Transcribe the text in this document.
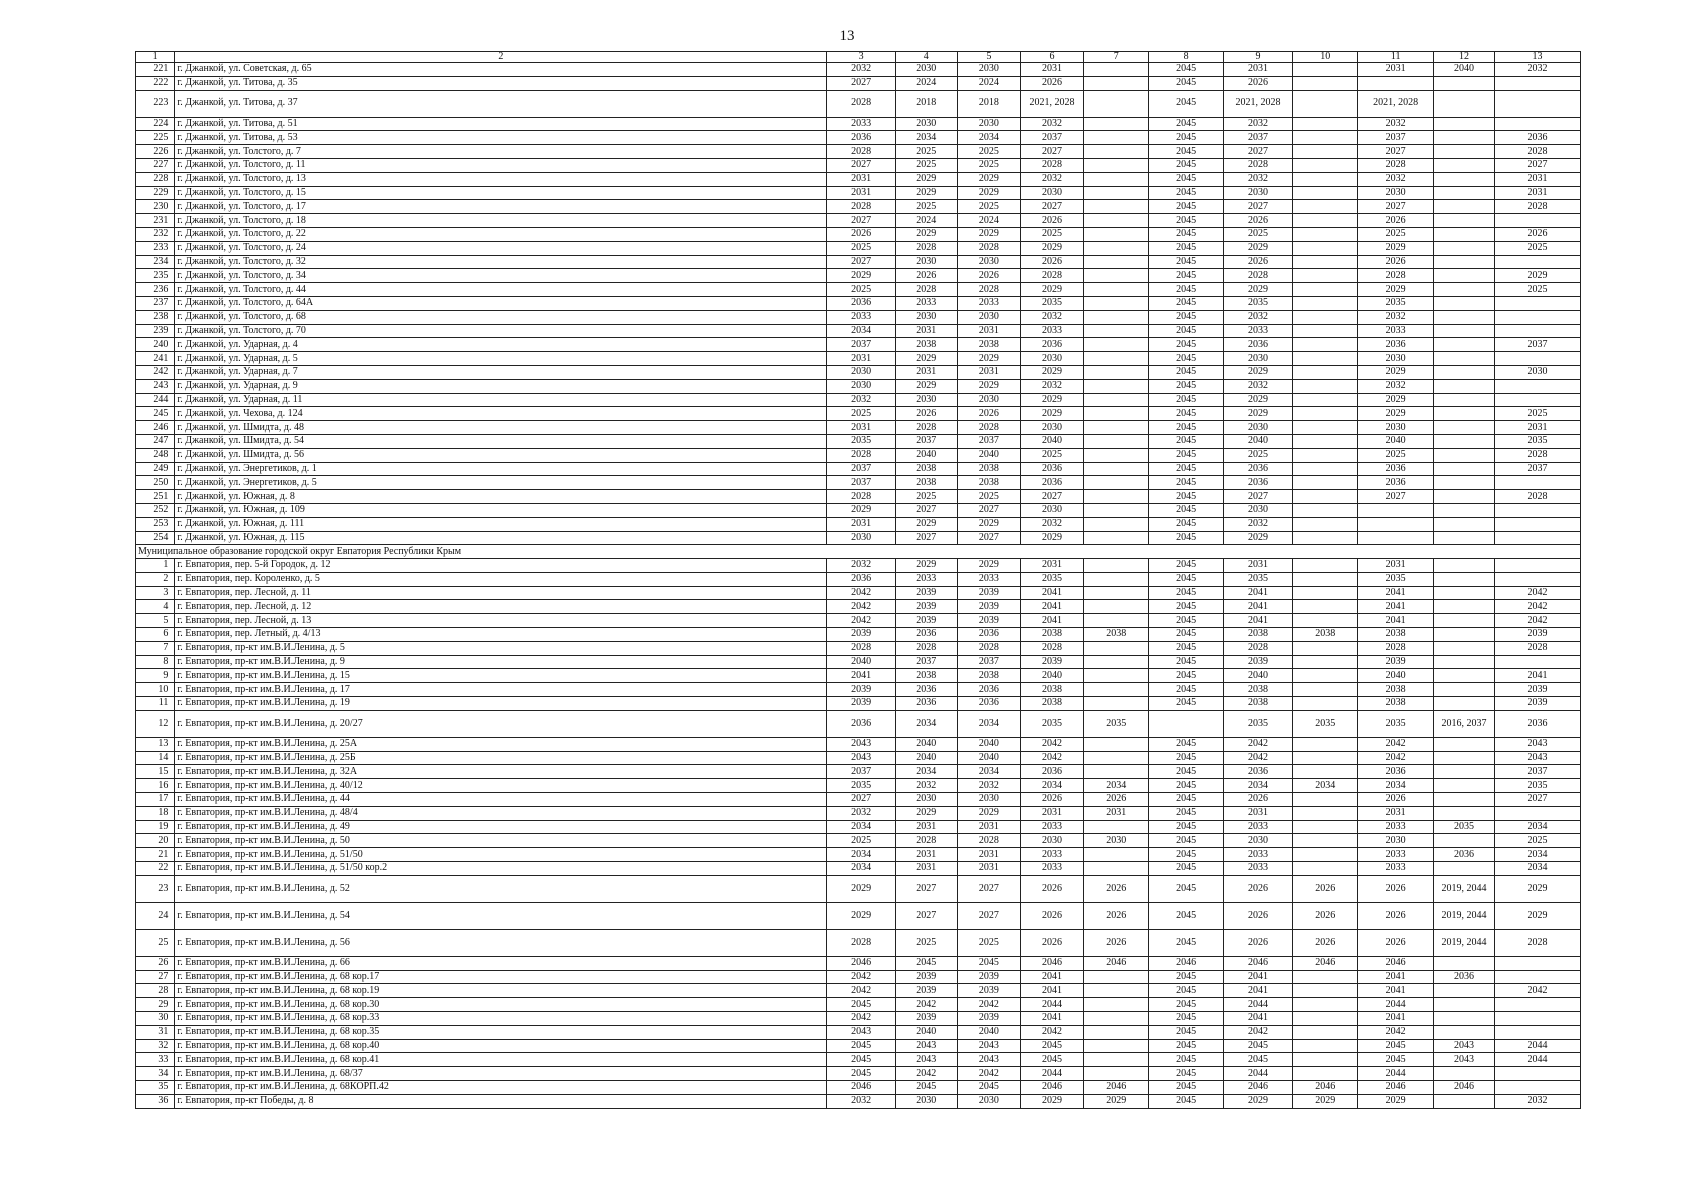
13
1	2	3	4	5	6	7	8	9	10	11	12	13
221	г. Джанкой, ул. Советская, д. 65	2032	2030	2030	2031		2045	2031		2031	2040	2032
222	г. Джанкой, ул. Титова, д. 35	2027	2024	2024	2026		2045	2026				
223	г. Джанкой, ул. Титова, д. 37	2028	2018	2018	2021, 2028		2045	2021, 2028		2021, 2028		
224	г. Джанкой, ул. Титова, д. 51	2033	2030	2030	2032		2045	2032		2032		
225	г. Джанкой, ул. Титова, д. 53	2036	2034	2034	2037		2045	2037		2037		2036
226	г. Джанкой, ул. Толстого, д. 7	2028	2025	2025	2027		2045	2027		2027		2028
227	г. Джанкой, ул. Толстого, д. 11	2027	2025	2025	2028		2045	2028		2028		2027
228	г. Джанкой, ул. Толстого, д. 13	2031	2029	2029	2032		2045	2032		2032		2031
229	г. Джанкой, ул. Толстого, д. 15	2031	2029	2029	2030		2045	2030		2030		2031
230	г. Джанкой, ул. Толстого, д. 17	2028	2025	2025	2027		2045	2027		2027		2028
231	г. Джанкой, ул. Толстого, д. 18	2027	2024	2024	2026		2045	2026		2026		
232	г. Джанкой, ул. Толстого, д. 22	2026	2029	2029	2025		2045	2025		2025		2026
233	г. Джанкой, ул. Толстого, д. 24	2025	2028	2028	2029		2045	2029		2029		2025
234	г. Джанкой, ул. Толстого, д. 32	2027	2030	2030	2026		2045	2026		2026		
235	г. Джанкой, ул. Толстого, д. 34	2029	2026	2026	2028		2045	2028		2028		2029
236	г. Джанкой, ул. Толстого, д. 44	2025	2028	2028	2029		2045	2029		2029		2025
237	г. Джанкой, ул. Толстого, д. 64А	2036	2033	2033	2035		2045	2035		2035		
238	г. Джанкой, ул. Толстого, д. 68	2033	2030	2030	2032		2045	2032		2032		
239	г. Джанкой, ул. Толстого, д. 70	2034	2031	2031	2033		2045	2033		2033		
240	г. Джанкой, ул. Ударная, д. 4	2037	2038	2038	2036		2045	2036		2036		2037
241	г. Джанкой, ул. Ударная, д. 5	2031	2029	2029	2030		2045	2030		2030		
242	г. Джанкой, ул. Ударная, д. 7	2030	2031	2031	2029		2045	2029		2029		2030
243	г. Джанкой, ул. Ударная, д. 9	2030	2029	2029	2032		2045	2032		2032		
244	г. Джанкой, ул. Ударная, д. 11	2032	2030	2030	2029		2045	2029		2029		
245	г. Джанкой, ул. Чехова, д. 124	2025	2026	2026	2029		2045	2029		2029		2025
246	г. Джанкой, ул. Шмидта, д. 48	2031	2028	2028	2030		2045	2030		2030		2031
247	г. Джанкой, ул. Шмидта, д. 54	2035	2037	2037	2040		2045	2040		2040		2035
248	г. Джанкой, ул. Шмидта, д. 56	2028	2040	2040	2025		2045	2025		2025		2028
249	г. Джанкой, ул. Энергетиков, д. 1	2037	2038	2038	2036		2045	2036		2036		2037
250	г. Джанкой, ул. Энергетиков, д. 5	2037	2038	2038	2036		2045	2036		2036		
251	г. Джанкой, ул. Южная, д. 8	2028	2025	2025	2027		2045	2027		2027		2028
252	г. Джанкой, ул. Южная, д. 109	2029	2027	2027	2030		2045	2030				
253	г. Джанкой, ул. Южная, д. 111	2031	2029	2029	2032		2045	2032				
254	г. Джанкой, ул. Южная, д. 115	2030	2027	2027	2029		2045	2029				
Муниципальное образование городской округ Евпатория Республики Крым												
1	г. Евпатория, пер. 5-й Городок, д. 12	2032	2029	2029	2031		2045	2031		2031		
2	г. Евпатория, пер. Короленко, д. 5	2036	2033	2033	2035		2045	2035		2035		
3	г. Евпатория, пер. Лесной, д. 11	2042	2039	2039	2041		2045	2041		2041		2042
4	г. Евпатория, пер. Лесной, д. 12	2042	2039	2039	2041		2045	2041		2041		2042
5	г. Евпатория, пер. Лесной, д. 13	2042	2039	2039	2041		2045	2041		2041		2042
6	г. Евпатория, пер. Летный, д. 4/13	2039	2036	2036	2038	2038	2045	2038	2038	2038		2039
7	г. Евпатория, пр-кт им.В.И.Ленина, д. 5	2028	2028	2028	2028		2045	2028		2028		2028
8	г. Евпатория, пр-кт им.В.И.Ленина, д. 9	2040	2037	2037	2039		2045	2039		2039		
9	г. Евпатория, пр-кт им.В.И.Ленина, д. 15	2041	2038	2038	2040		2045	2040		2040		2041
10	г. Евпатория, пр-кт им.В.И.Ленина, д. 17	2039	2036	2036	2038		2045	2038		2038		2039
11	г. Евпатория, пр-кт им.В.И.Ленина, д. 19	2039	2036	2036	2038		2045	2038		2038		2039
12	г. Евпатория, пр-кт им.В.И.Ленина, д. 20/27	2036	2034	2034	2035	2035		2035	2035	2035	2016, 2037	2036
13	г. Евпатория, пр-кт им.В.И.Ленина, д. 25А	2043	2040	2040	2042		2045	2042		2042		2043
14	г. Евпатория, пр-кт им.В.И.Ленина, д. 25Б	2043	2040	2040	2042		2045	2042		2042		2043
15	г. Евпатория, пр-кт им.В.И.Ленина, д. 32А	2037	2034	2034	2036		2045	2036		2036		2037
16	г. Евпатория, пр-кт им.В.И.Ленина, д. 40/12	2035	2032	2032	2034	2034	2045	2034	2034	2034		2035
17	г. Евпатория, пр-кт им.В.И.Ленина, д. 44	2027	2030	2030	2026	2026	2045	2026		2026		2027
18	г. Евпатория, пр-кт им.В.И.Ленина, д. 48/4	2032	2029	2029	2031	2031	2045	2031		2031		
19	г. Евпатория, пр-кт им.В.И.Ленина, д. 49	2034	2031	2031	2033		2045	2033		2033	2035	2034
20	г. Евпатория, пр-кт им.В.И.Ленина, д. 50	2025	2028	2028	2030	2030	2045	2030		2030		2025
21	г. Евпатория, пр-кт им.В.И.Ленина, д. 51/50	2034	2031	2031	2033		2045	2033		2033	2036	2034
22	г. Евпатория, пр-кт им.В.И.Ленина, д. 51/50 кор.2	2034	2031	2031	2033		2045	2033		2033		2034
23	г. Евпатория, пр-кт им.В.И.Ленина, д. 52	2029	2027	2027	2026	2026	2045	2026	2026	2026	2019, 2044	2029
24	г. Евпатория, пр-кт им.В.И.Ленина, д. 54	2029	2027	2027	2026	2026	2045	2026	2026	2026	2019, 2044	2029
25	г. Евпатория, пр-кт им.В.И.Ленина, д. 56	2028	2025	2025	2026	2026	2045	2026	2026	2026	2019, 2044	2028
26	г. Евпатория, пр-кт им.В.И.Ленина, д. 66	2046	2045	2045	2046	2046	2046	2046	2046	2046		
27	г. Евпатория, пр-кт им.В.И.Ленина, д. 68 кор.17	2042	2039	2039	2041		2045	2041		2041	2036	
28	г. Евпатория, пр-кт им.В.И.Ленина, д. 68 кор.19	2042	2039	2039	2041		2045	2041		2041		2042
29	г. Евпатория, пр-кт им.В.И.Ленина, д. 68 кор.30	2045	2042	2042	2044		2045	2044		2044		
30	г. Евпатория, пр-кт им.В.И.Ленина, д. 68 кор.33	2042	2039	2039	2041		2045	2041		2041		
31	г. Евпатория, пр-кт им.В.И.Ленина, д. 68 кор.35	2043	2040	2040	2042		2045	2042		2042		
32	г. Евпатория, пр-кт им.В.И.Ленина, д. 68 кор.40	2045	2043	2043	2045		2045	2045		2045	2043	2044
33	г. Евпатория, пр-кт им.В.И.Ленина, д. 68 кор.41	2045	2043	2043	2045		2045	2045		2045	2043	2044
34	г. Евпатория, пр-кт им.В.И.Ленина, д. 68/37	2045	2042	2042	2044		2045	2044		2044		
35	г. Евпатория, пр-кт им.В.И.Ленина, д. 68КОРП.42	2046	2045	2045	2046	2046	2045	2046	2046	2046	2046	
36	г. Евпатория, пр-кт Победы, д. 8	2032	2030	2030	2029	2029	2045	2029	2029	2029		2032
